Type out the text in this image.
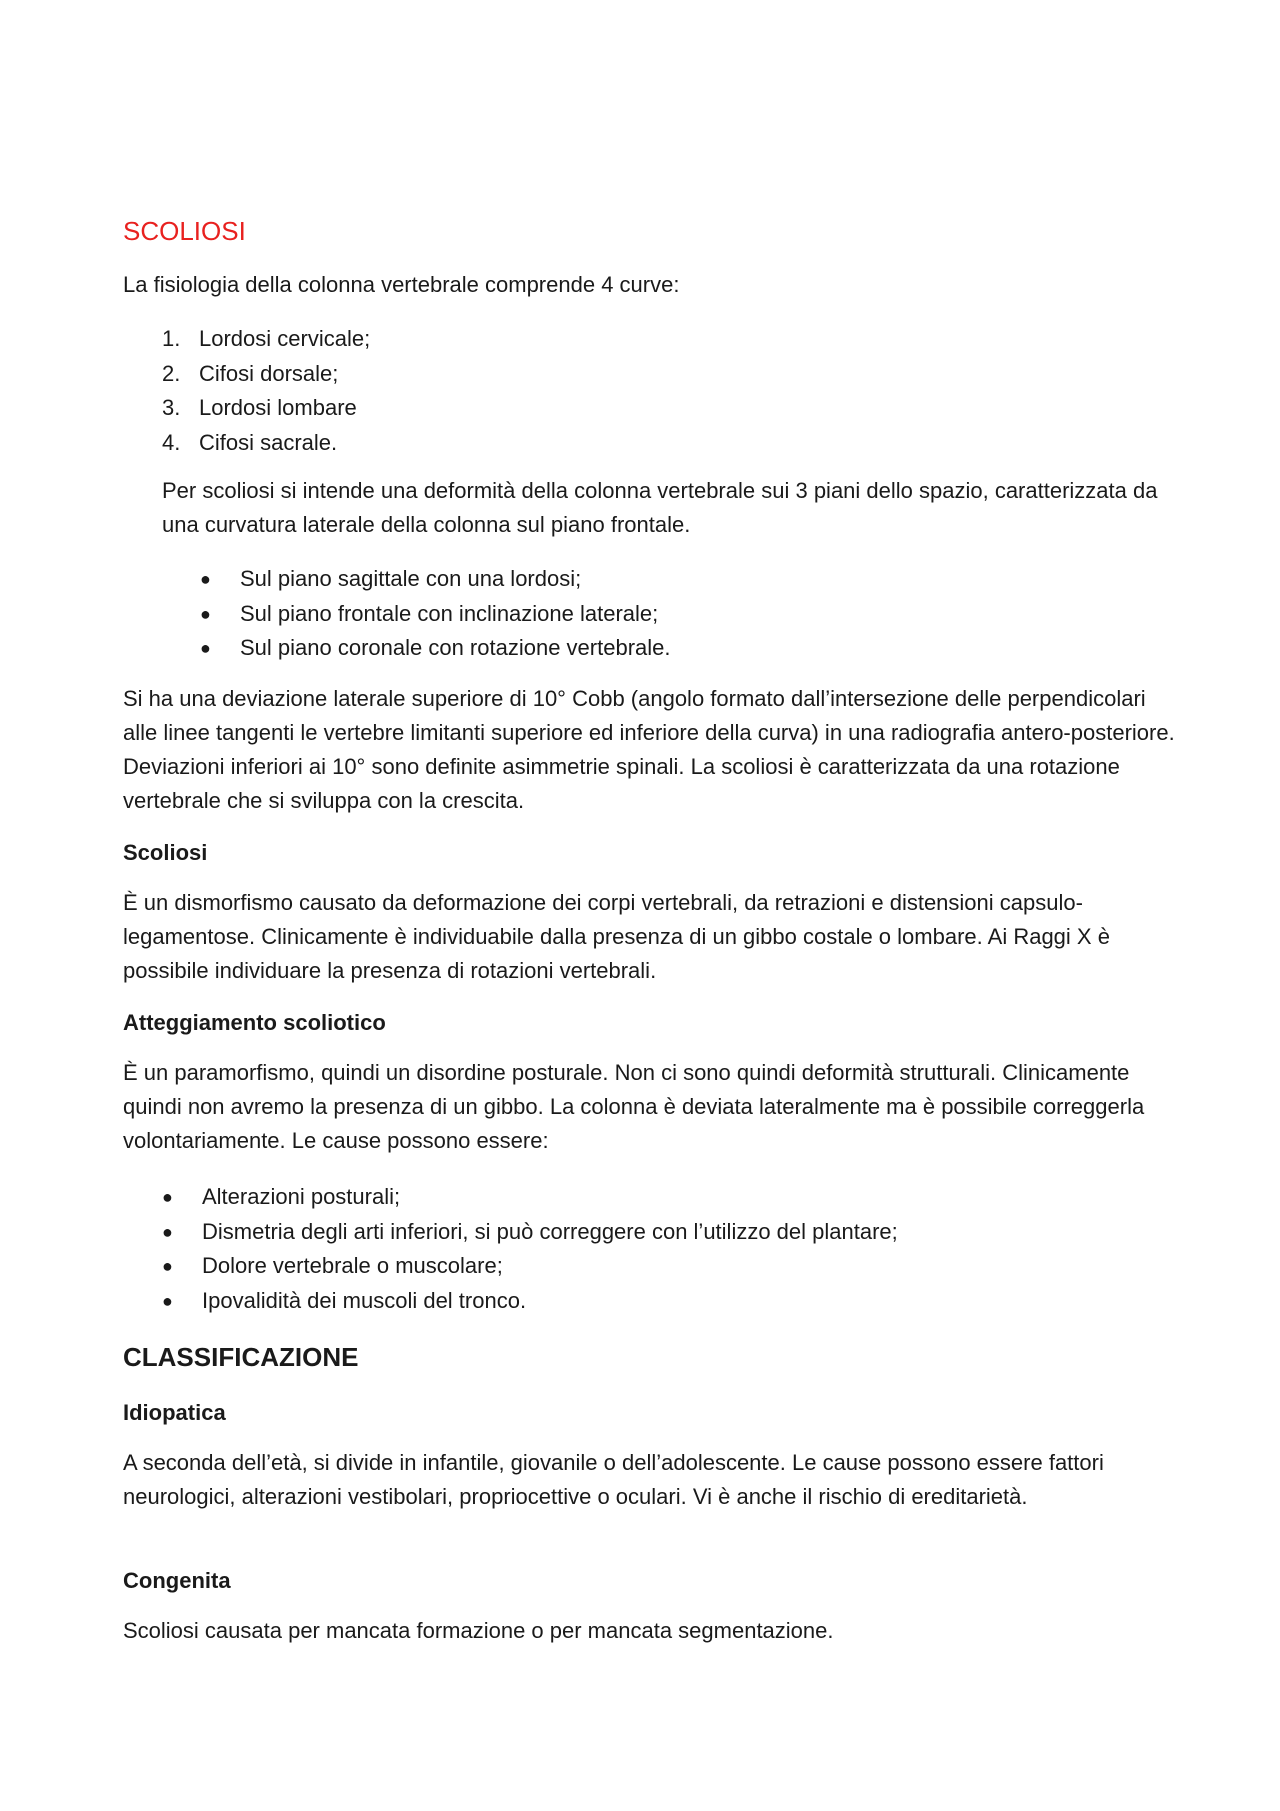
SCOLIOSI

La fisiologia della colonna vertebrale comprende 4 curve:

1. Lordosi cervicale;
2. Cifosi dorsale;
3. Lordosi lombare
4. Cifosi sacrale.

Per scoliosi si intende una deformità della colonna vertebrale sui 3 piani dello spazio, caratterizzata da una curvatura laterale della colonna sul piano frontale.

● Sul piano sagittale con una lordosi;
● Sul piano frontale con inclinazione laterale;
● Sul piano coronale con rotazione vertebrale.

Si ha una deviazione laterale superiore di 10° Cobb (angolo formato dall’intersezione delle perpendicolari alle linee tangenti le vertebre limitanti superiore ed inferiore della curva) in una radiografia antero-posteriore. Deviazioni inferiori ai 10° sono definite asimmetrie spinali. La scoliosi è caratterizzata da una rotazione vertebrale che si sviluppa con la crescita.

Scoliosi

È un dismorfismo causato da deformazione dei corpi vertebrali, da retrazioni e distensioni capsulo-legamentose. Clinicamente è individuabile dalla presenza di un gibbo costale o lombare. Ai Raggi X è possibile individuare la presenza di rotazioni vertebrali.

Atteggiamento scoliotico

È un paramorfismo, quindi un disordine posturale. Non ci sono quindi deformità strutturali. Clinicamente quindi non avremo la presenza di un gibbo. La colonna è deviata lateralmente ma è possibile correggerla volontariamente. Le cause possono essere:

● Alterazioni posturali;
● Dismetria degli arti inferiori, si può correggere con l’utilizzo del plantare;
● Dolore vertebrale o muscolare;
● Ipovalidità dei muscoli del tronco.
CLASSIFICAZIONE
Idiopatica

A seconda dell’età, si divide in infantile, giovanile o dell’adolescente. Le cause possono essere fattori neurologici, alterazioni vestibolari, propriocettive o oculari. Vi è anche il rischio di ereditarietà.

Congenita

Scoliosi causata per mancata formazione o per mancata segmentazione.
